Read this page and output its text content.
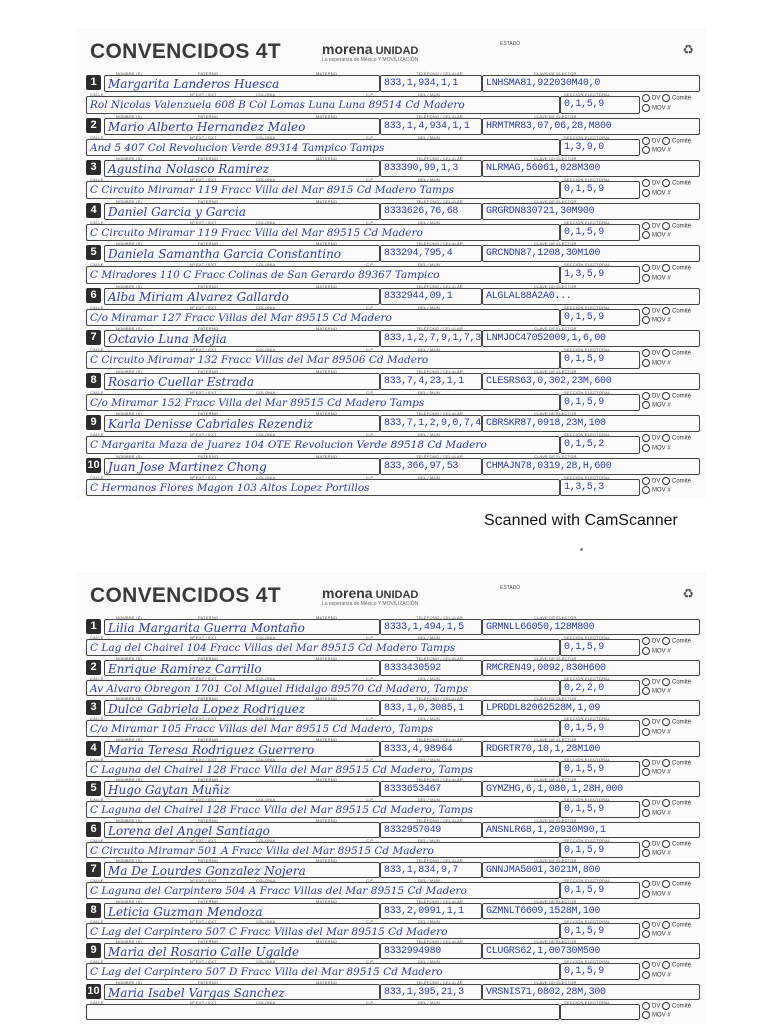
CONVENCIDOS 4T	morena UNIDAD
La esperanza de México Y MOVILIZACIÓN
ESTADO	♻
NOMBRE (S)	PATERNO	MATERNO	TELÉFONO / CELULAR	CLAVE DE ELECTOR
1 Margarita Landeros Huesca	833,1,934,1,1	LNHSMA81,922030M40,0
CALLE	Nº EXT / EXT	COLONIA	C.P.	DEL / MUN	SECCIÓN ELECTORAL
Rol Nicolas Valenzuela 608 B Col Lomas Luna Luna 89514 Cd Madero	0,1,5,9
DV Comité
MOV #
NOMBRE (S)	PATERNO	MATERNO	TELÉFONO / CELULAR	CLAVE DE ELECTOR
2 Mario Alberto Hernandez Maleo	833,1,4,934,1,1	HRMTMR83,07,06,28,M800
CALLE	Nº EXT / EXT	COLONIA	C.P.	DEL / MUN	SECCIÓN ELECTORAL
And 5 407 Col Revolucion Verde 89314 Tampico Tamps	1,3,9,0
DV Comité
MOV #
NOMBRE (S)	PATERNO	MATERNO	TELÉFONO / CELULAR	CLAVE DE ELECTOR
3 Agustina Nolasco Ramirez	833390,99,1,3	NLRMAG,56061,028M300
CALLE	Nº EXT / EXT	COLONIA	C.P.	DEL / MUN	SECCIÓN ELECTORAL
C Circuito Miramar 119 Fracc Villa del Mar 8915 Cd Madero Tamps	0,1,5,9
DV Comité
MOV #
NOMBRE (S)	PATERNO	MATERNO	TELÉFONO / CELULAR	CLAVE DE ELECTOR
4 Daniel Garcia y Garcia	8333626,76,68	GRGRDN830721,30M900
CALLE	Nº EXT / EXT	COLONIA	C.P.	DEL / MUN	SECCIÓN ELECTORAL
C Circuito Miramar 119 Fracc Villa del Mar 89515 Cd Madero	0,1,5,9
DV Comité
MOV #
NOMBRE (S)	PATERNO	MATERNO	TELÉFONO / CELULAR	CLAVE DE ELECTOR
5 Daniela Samantha Garcia Constantino	833294,795,4	GRCNDN87,1208,30M100
CALLE	Nº EXT / EXT	COLONIA	C.P.	DEL / MUN	SECCIÓN ELECTORAL
C Miradores 110 C Fracc Colinas de San Gerardo 89367 Tampico	1,3,5,9
DV Comité
MOV #
NOMBRE (S)	PATERNO	MATERNO	TELÉFONO / CELULAR	CLAVE DE ELECTOR
6 Alba Miriam Alvarez Gallardo	8332944,09,1	ALGLAL88A2A0...
CALLE	Nº EXT / EXT	COLONIA	C.P.	DEL / MUN	SECCIÓN ELECTORAL
C/o Miramar 127 Fracc Villas del Mar 89515 Cd Madero	0,1,5,9
DV Comité
MOV #
NOMBRE (S)	PATERNO	MATERNO	TELÉFONO / CELULAR	CLAVE DE ELECTOR
7 Octavio Luna Mejia	833,1,2,7,9,1,7,3 LNMJOC47052009,1,6,00
CALLE	Nº EXT / EXT	COLONIA	C.P.	DEL / MUN	SECCIÓN ELECTORAL
C Circuito Miramar 132 Fracc Villas del Mar 89506 Cd Madero	0,1,5,9
DV Comité
MOV #
NOMBRE (S)	PATERNO	MATERNO	TELÉFONO / CELULAR	CLAVE DE ELECTOR
8 Rosario Cuellar Estrada	833,7,4,23,1,1	CLESRS63,0,302,23M,600
CALLE	Nº EXT / EXT	COLONIA	C.P.	DEL / MUN	SECCIÓN ELECTORAL
C/o Miramar 152 Fracc Villa del Mar 89515 Cd Madero Tamps	0,1,5,9
DV Comité
MOV #
NOMBRE (S)	PATERNO	MATERNO	TELÉFONO / CELULAR	CLAVE DE ELECTOR
9 Karla Denisse Cabriales Rezendiz	833,7,1,2,9,0,7,4 CBRSKR87,0918,23M,100
CALLE	Nº EXT / EXT	COLONIA	C.P.	DEL / MUN	SECCIÓN ELECTORAL
C Margarita Maza de Juarez 104 OTE Revolucion Verde 89518 Cd Madero	0,1,5,2
DV Comité
MOV #
NOMBRE (S)	PATERNO	MATERNO	TELÉFONO / CELULAR	CLAVE DE ELECTOR
10 Juan Jose Martinez Chong	833,366,97,53	CHMAJN78,0319,28,H,600
CALLE	Nº EXT / EXT	COLONIA	C.P.	DEL / MUN	SECCIÓN ELECTORAL
C Hermanos Flores Magon 103 Altos Lopez Portillos	1,3,5,3
DV Comité
MOV #
Scanned with CamScanner
CONVENCIDOS 4T	morena UNIDAD
La esperanza de México Y MOVILIZACIÓN
ESTADO	♻
NOMBRE (S)	PATERNO	MATERNO	TELÉFONO / CELULAR	CLAVE DE ELECTOR
1 Lilia Margarita Guerra Montaño	8333,1,494,1,5	GRMNLL66050,128M800
CALLE	Nº EXT / EXT	COLONIA	C.P.	DEL / MUN	SECCIÓN ELECTORAL
C Lag del Chairel 104 Fracc Villas del Mar 89515 Cd Madero Tamps	0,1,5,9
DV Comité
MOV #
NOMBRE (S)	PATERNO	MATERNO	TELÉFONO / CELULAR	CLAVE DE ELECTOR
2 Enrique Ramirez Carrillo	8333430592	RMCREN49,0092,830H600
CALLE	Nº EXT / EXT	COLONIA	C.P.	DEL / MUN	SECCIÓN ELECTORAL
Av Alvaro Obregon 1701 Col Miguel Hidalgo 89570 Cd Madero, Tamps	0,2,2,0
DV Comité
MOV #
NOMBRE (S)	PATERNO	MATERNO	TELÉFONO / CELULAR	CLAVE DE ELECTOR
3 Dulce Gabriela Lopez Rodriguez	833,1,0,3085,1	LPRDDL82062528M,1,09
CALLE	Nº EXT / EXT	COLONIA	C.P.	DEL / MUN	SECCIÓN ELECTORAL
C/o Miramar 105 Fracc Villas del Mar 89515 Cd Madero, Tamps	0,1,5,9
DV Comité
MOV #
NOMBRE (S)	PATERNO	MATERNO	TELÉFONO / CELULAR	CLAVE DE ELECTOR
4 Maria Teresa Rodriguez Guerrero	8333,4,98964	RDGRTR70,10,1,28M100
CALLE	Nº EXT / EXT	COLONIA	C.P.	DEL / MUN	SECCIÓN ELECTORAL
C Laguna del Chairel 128 Fracc Villa del Mar 89515 Cd Madero, Tamps	0,1,5,9
DV Comité
MOV #
NOMBRE (S)	PATERNO	MATERNO	TELÉFONO / CELULAR	CLAVE DE ELECTOR
5 Hugo Gaytan Muñiz	8333653467	GYMZHG,6,1,080,1,28H,000
CALLE	Nº EXT / EXT	COLONIA	C.P.	DEL / MUN	SECCIÓN ELECTORAL
C Laguna del Chairel 128 Fracc Villa del Mar 89515 Cd Madero, Tamps	0,1,5,9
DV Comité
MOV #
NOMBRE (S)	PATERNO	MATERNO	TELÉFONO / CELULAR	CLAVE DE ELECTOR
6 Lorena del Angel Santiago	8332957049	ANSNLR68,1,20930M90,1
CALLE	Nº EXT / EXT	COLONIA	C.P.	DEL / MUN	SECCIÓN ELECTORAL
C Circuito Miramar 501 A Fracc Villa del Mar 89515 Cd Madero	0,1,5,9
DV Comité
MOV #
NOMBRE (S)	PATERNO	MATERNO	TELÉFONO / CELULAR	CLAVE DE ELECTOR
7 Ma De Lourdes Gonzalez Nojera	833,1,834,9,7	GNNJMA5001,3021M,800
CALLE	Nº EXT / EXT	COLONIA	C.P.	DEL / MUN	SECCIÓN ELECTORAL
C Laguna del Carpintero 504 A Fracc Villas del Mar 89515 Cd Madero	0,1,5,9
DV Comité
MOV #
NOMBRE (S)	PATERNO	MATERNO	TELÉFONO / CELULAR	CLAVE DE ELECTOR
8 Leticia Guzman Mendoza	833,2,0991,1,1	GZMNLT6609,1528M,100
CALLE	Nº EXT / EXT	COLONIA	C.P.	DEL / MUN	SECCIÓN ELECTORAL
C Lag del Carpintero 507 C Fracc Villas del Mar 89515 Cd Madero	0,1,5,9
DV Comité
MOV #
NOMBRE (S)	PATERNO	MATERNO	TELÉFONO / CELULAR	CLAVE DE ELECTOR
9 Maria del Rosario Calle Ugalde	8332994980	CLUGRS62,1,00730M500
CALLE	Nº EXT / EXT	COLONIA	C.P.	DEL / MUN	SECCIÓN ELECTORAL
C Lag del Carpintero 507 D Fracc Villa del Mar 89515 Cd Madero	0,1,5,9
DV Comité
MOV #
NOMBRE (S)	PATERNO	MATERNO	TELÉFONO / CELULAR	CLAVE DE ELECTOR
10 Maria Isabel Vargas Sanchez	833,1,395,21,3	VRSNIS71,0802,28M,300
CALLE	Nº EXT / EXT	COLONIA	C.P.	DEL / MUN	SECCIÓN ELECTORAL
DV Comité
MOV #
